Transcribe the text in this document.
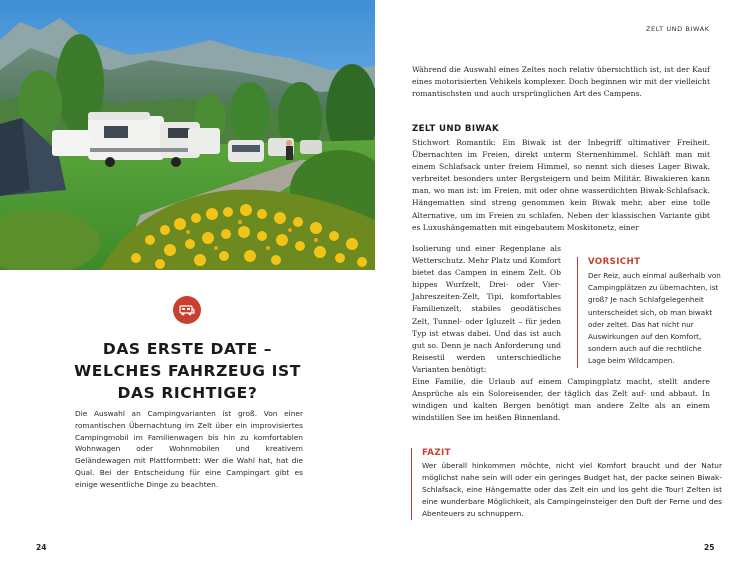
DAS ERSTE DATE –
WELCHES FAHRZEUG IST
DAS RICHTIGE?
Die Auswahl an Campingvarianten ist groß. Von einer romantischen Übernachtung im Zelt über ein improvisiertes Campingmobil im Familienwagen bis hin zu komfortablen Wohnwagen oder Wohnmobilen und kreativem Geländewagen mit Plattformbett: Wer die Wahl hat, hat die Qual. Bei der Entscheidung für eine Campingart gibt es einige wesentliche Dinge zu beachten.
24
ZELT UND BIWAK
Während die Auswahl eines Zeltes noch relativ übersichtlich ist, ist der Kauf eines motorisierten Vehikels komplexer. Doch beginnen wir mit der vielleicht romantischsten und auch ursprünglichen Art des Campens.
ZELT UND BIWAK
Stichwort Romantik: Ein Biwak ist der Inbegriff ultimativer Freiheit. Übernachten im Freien, direkt unterm Sternenhimmel. Schläft man mit einem Schlafsack unter freiem Himmel, so nennt sich dieses Lager Biwak, verbreitet besonders unter Bergsteigern und beim Militär. Biwakieren kann man, wo man ist: im Freien, mit oder ohne wasserdichten Biwak-Schlafsack. Hängematten sind streng genommen kein Biwak mehr, aber eine tolle Alternative, um im Freien zu schlafen. Neben der klassischen Variante gibt es Luxushängematten mit eingebautem Moskitonetz, einer
Isolierung und einer Regenplane als Wetterschutz. Mehr Platz und Komfort bietet das Campen in einem Zelt. Ob hippes Wurfzelt, Drei- oder Vier-Jahreszeiten-Zelt, Tipi, komfortables Familienzelt, stabiles geodätisches Zelt, Tunnel- oder Igluzelt – für jeden Typ ist etwas dabei. Und das ist auch gut so. Denn je nach Anforderung und Reisestil werden unterschiedliche Varianten benötigt:
Eine Familie, die Urlaub auf einem Campingplatz macht, stellt andere Ansprüche als ein Soloreisender, der täglich das Zelt auf- und abbaut. In windigen und kalten Bergen benötigt man andere Zelte als an einem windstillen See im heißen Binnenland.
VORSICHT
Der Reiz, auch einmal außerhalb von Campingplätzen zu übernachten, ist groß? Je nach Schlafgelegenheit unterscheidet sich, ob man biwakt oder zeltet. Das hat nicht nur Auswirkungen auf den Komfort, sondern auch auf die rechtliche Lage beim Wildcampen.
FAZIT
Wer überall hinkommen möchte, nicht viel Komfort braucht und der Natur möglichst nahe sein will oder ein geringes Budget hat, der packe seinen Biwak-Schlafsack, eine Hängematte oder das Zelt ein und los geht die Tour! Zelten ist eine wunderbare Möglichkeit, als Campingeinsteiger den Duft der Ferne und des Abenteuers zu schnuppern.
25
